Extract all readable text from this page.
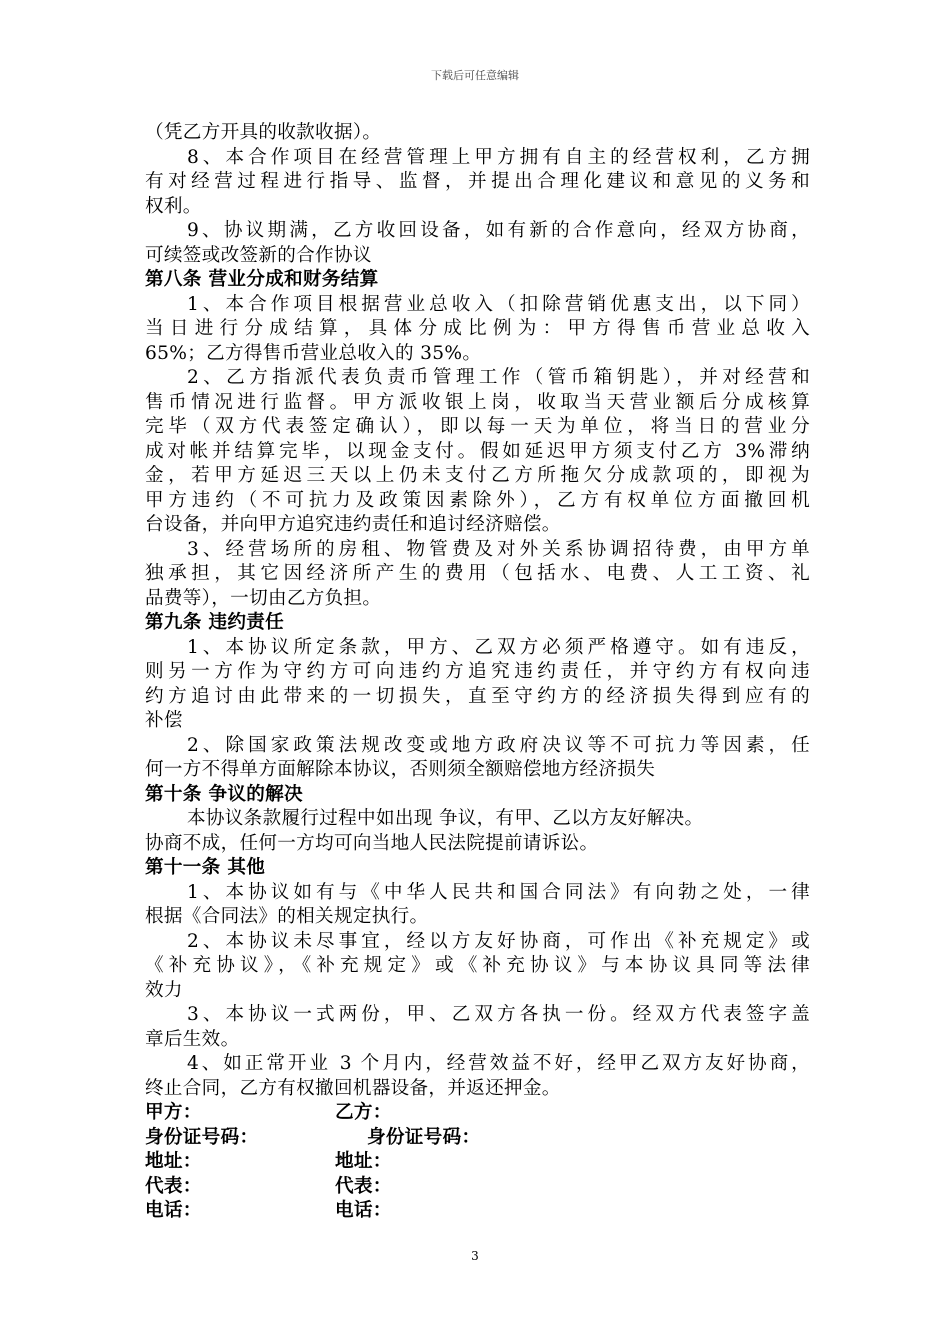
下载后可任意编辑
（凭乙方开具的收款收据）。
8、本合作项目在经营管理上甲方拥有自主的经营权利，乙方拥
有对经营过程进行指导、监督，并提出合理化建议和意见的义务和
权利。
9、协议期满，乙方收回设备，如有新的合作意向，经双方协商，
可续签或改签新的合作协议
第八条 营业分成和财务结算
1、本合作项目根据营业总收入（扣除营销优惠支出，以下同）
当日进行分成结算，具体分成比例为：甲方得售币营业总收入
65%；乙方得售币营业总收入的 35%。
2、乙方指派代表负责币管理工作（管币箱钥匙），并对经营和
售币情况进行监督。甲方派收银上岗，收取当天营业额后分成核算
完毕（双方代表签定确认），即以每一天为单位，将当日的营业分
成对帐并结算完毕，以现金支付。假如延迟甲方须支付乙方 3%滞纳
金，若甲方延迟三天以上仍未支付乙方所拖欠分成款项的，即视为
甲方违约（不可抗力及政策因素除外），乙方有权单位方面撤回机
台设备，并向甲方追究违约责任和追讨经济赔偿。
3、经营场所的房租、物管费及对外关系协调招待费，由甲方单
独承担，其它因经济所产生的费用（包括水、电费、人工工资、礼
品费等），一切由乙方负担。
第九条 违约责任
1、本协议所定条款，甲方、乙双方必须严格遵守。如有违反，
则另一方作为守约方可向违约方追究违约责任，并守约方有权向违
约方追讨由此带来的一切损失，直至守约方的经济损失得到应有的
补偿
2、除国家政策法规改变或地方政府决议等不可抗力等因素，任
何一方不得单方面解除本协议，否则须全额赔偿地方经济损失
第十条 争议的解决
本协议条款履行过程中如出现 争议，有甲、乙以方友好解决。
协商不成，任何一方均可向当地人民法院提前请诉讼。
第十一条 其他
1、本协议如有与《中华人民共和国合同法》有向勃之处，一律
根据《合同法》的相关规定执行。
2、本协议未尽事宜，经以方友好协商，可作出《补充规定》或
《补充协议》，《补充规定》或《补充协议》与本协议具同等法律
效力
3、本协议一式两份，甲、乙双方各执一份。经双方代表签字盖
章后生效。
4、如正常开业 3 个月内，经营效益不好，经甲乙双方友好协商，
终止合同，乙方有权撤回机器设备，并返还押金。
甲方：	乙方：
身份证号码：	身份证号码：
地址：	地址：
代表：	代表：
电话：	电话：
3
